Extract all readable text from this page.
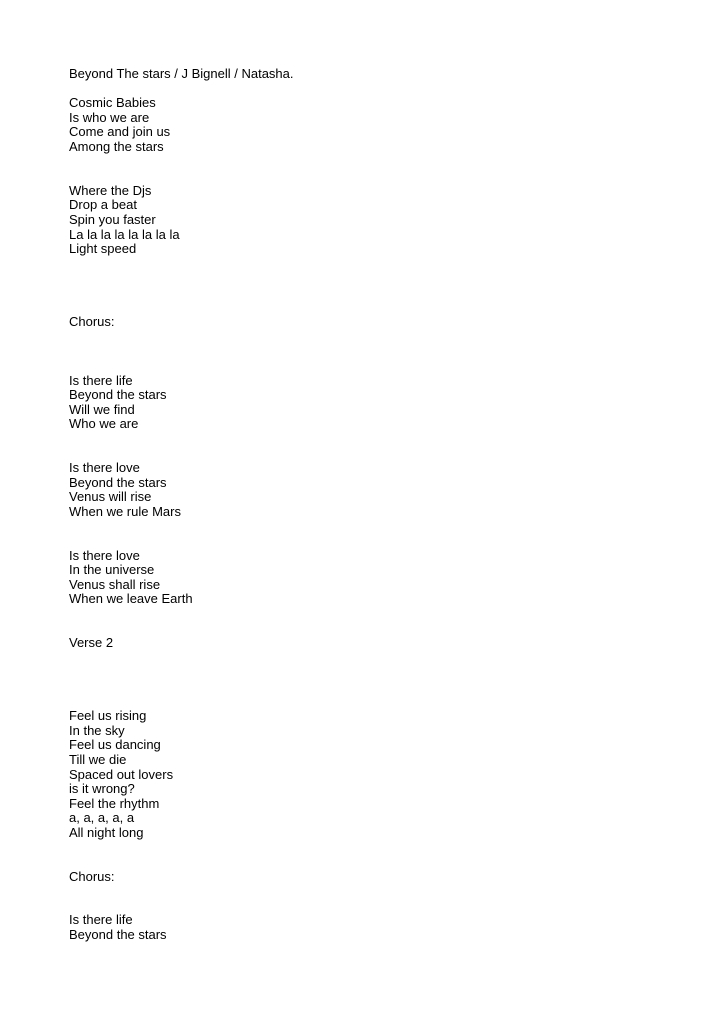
Beyond The stars / J Bignell / Natasha.
Cosmic Babies
Is who we are
Come and join us
Among the stars
Where the Djs
Drop a beat
Spin you faster
La la la la la la la la
Light speed
Chorus:
Is there life
Beyond the stars
Will we find
Who we are
Is there love
Beyond the stars
Venus will rise
When we rule Mars
Is there love
In the universe
Venus shall rise
When we leave Earth
Verse 2
Feel us rising
In the sky
Feel us dancing
Till we die
Spaced out lovers
is it wrong?
Feel the rhythm
a, a, a, a, a
All night long
Chorus:
Is there life
Beyond the stars
